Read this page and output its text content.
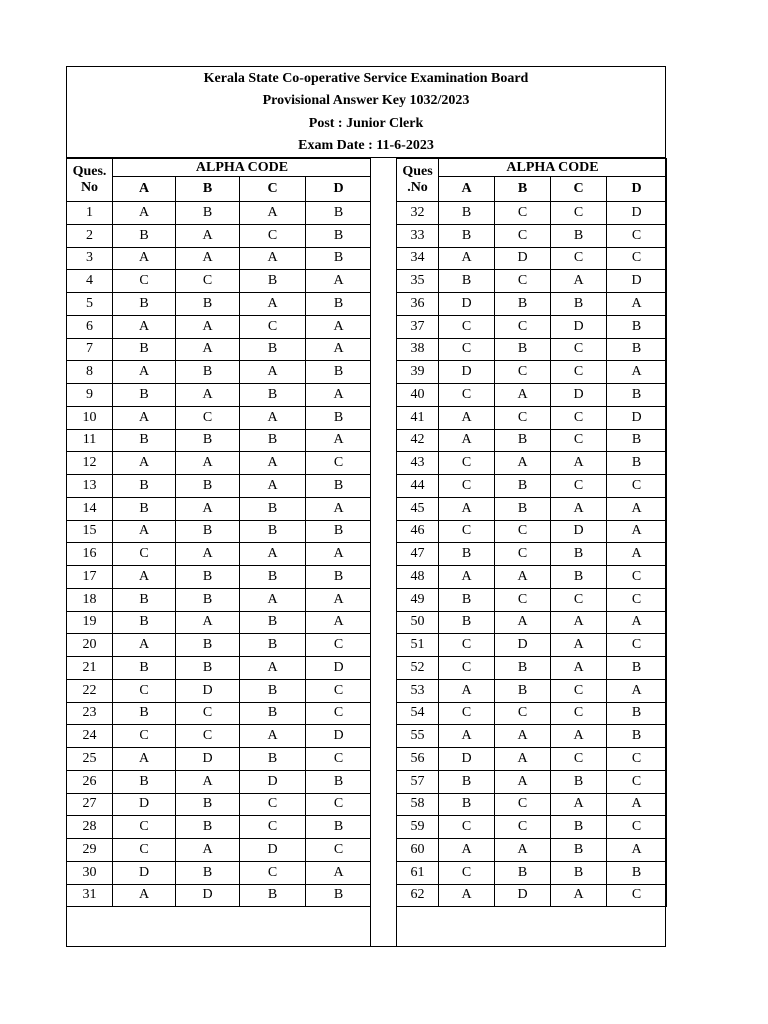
Kerala State Co-operative Service Examination Board
Provisional Answer Key 1032/2023
Post : Junior Clerk
Exam Date : 11-6-2023
Ques.
No	ALPHA CODE			
	A	B	C	D
1	A	B	A	B
2	B	A	C	B
3	A	A	A	B
4	C	C	B	A
5	B	B	A	B
6	A	A	C	A
7	B	A	B	A
8	A	B	A	B
9	B	A	B	A
10	A	C	A	B
11	B	B	B	A
12	A	A	A	C
13	B	B	A	B
14	B	A	B	A
15	A	B	B	B
16	C	A	A	A
17	A	B	B	B
18	B	B	A	A
19	B	A	B	A
20	A	B	B	C
21	B	B	A	D
22	C	D	B	C
23	B	C	B	C
24	C	C	A	D
25	A	D	B	C
26	B	A	D	B
27	D	B	C	C
28	C	B	C	B
29	C	A	D	C
30	D	B	C	A
31	A	D	B	B
Ques
.No	ALPHA CODE			
	A	B	C	D
32	B	C	C	D
33	B	C	B	C
34	A	D	C	C
35	B	C	A	D
36	D	B	B	A
37	C	C	D	B
38	C	B	C	B
39	D	C	C	A
40	C	A	D	B
41	A	C	C	D
42	A	B	C	B
43	C	A	A	B
44	C	B	C	C
45	A	B	A	A
46	C	C	D	A
47	B	C	B	A
48	A	A	B	C
49	B	C	C	C
50	B	A	A	A
51	C	D	A	C
52	C	B	A	B
53	A	B	C	A
54	C	C	C	B
55	A	A	A	B
56	D	A	C	C
57	B	A	B	C
58	B	C	A	A
59	C	C	B	C
60	A	A	B	A
61	C	B	B	B
62	A	D	A	C
